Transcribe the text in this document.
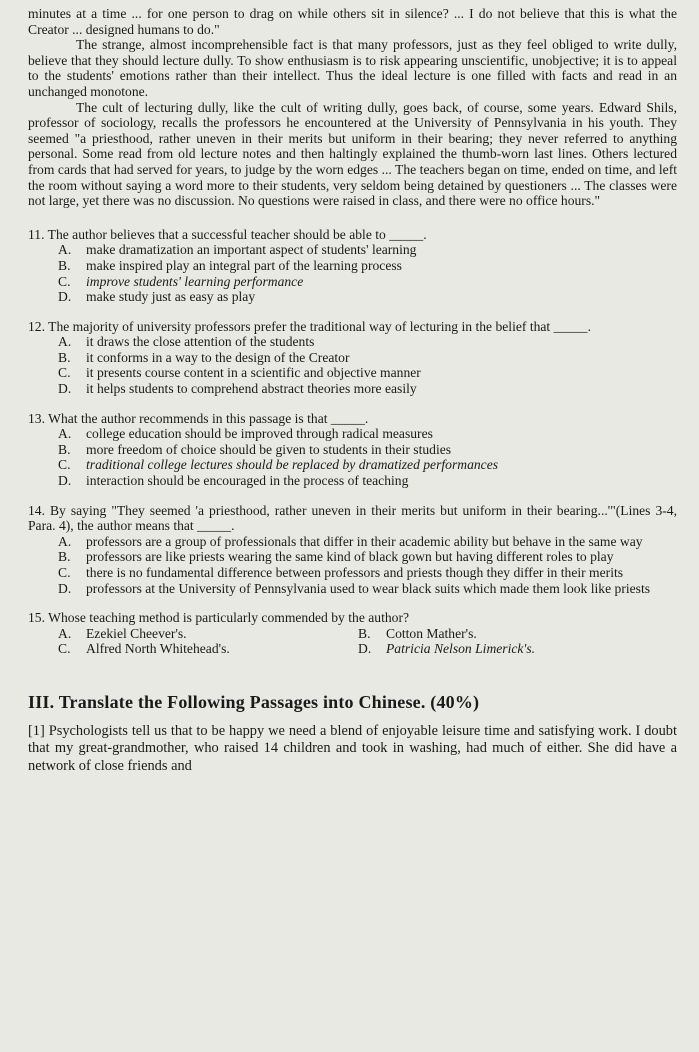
minutes at a time ... for one person to drag on while others sit in silence? ... I do not believe that this is what the Creator ... designed humans to do."

The strange, almost incomprehensible fact is that many professors, just as they feel obliged to write dully, believe that they should lecture dully. To show enthusiasm is to risk appearing unscientific, unobjective; it is to appeal to the students' emotions rather than their intellect. Thus the ideal lecture is one filled with facts and read in an unchanged monotone.

The cult of lecturing dully, like the cult of writing dully, goes back, of course, some years. Edward Shils, professor of sociology, recalls the professors he encountered at the University of Pennsylvania in his youth. They seemed "a priesthood, rather uneven in their merits but uniform in their bearing; they never referred to anything personal. Some read from old lecture notes and then haltingly explained the thumb-worn last lines. Others lectured from cards that had served for years, to judge by the worn edges ... The teachers began on time, ended on time, and left the room without saying a word more to their students, very seldom being detained by questioners ... The classes were not large, yet there was no discussion. No questions were raised in class, and there were no office hours."

11. The author believes that a successful teacher should be able to _____.

A.	make dramatization an important aspect of students' learning
B.	make inspired play an integral part of the learning process
C.	improve students' learning performance
D.	make study just as easy as play

12. The majority of university professors prefer the traditional way of lecturing in the belief that _____.

A.	it draws the close attention of the students
B.	it conforms in a way to the design of the Creator
C.	it presents course content in a scientific and objective manner
D.	it helps students to comprehend abstract theories more easily

13. What the author recommends in this passage is that _____.

A.	college education should be improved through radical measures
B.	more freedom of choice should be given to students in their studies
C.	traditional college lectures should be replaced by dramatized performances
D.	interaction should be encouraged in the process of teaching

14. By saying "They seemed 'a priesthood, rather uneven in their merits but uniform in their bearing...'"(Lines 3-4, Para. 4), the author means that _____.

A.	professors are a group of professionals that differ in their academic ability but behave in the same way
B.	professors are like priests wearing the same kind of black gown but having different roles to play
C.	there is no fundamental difference between professors and priests though they differ in their merits
D.	professors at the University of Pennsylvania used to wear black suits which made them look like priests

15. Whose teaching method is particularly commended by the author?

A.	Ezekiel Cheever's.	B.	Cotton Mather's.
C.	Alfred North Whitehead's.	D.	Patricia Nelson Limerick's.
III. Translate the Following Passages into Chinese. (40%)

[1] Psychologists tell us that to be happy we need a blend of enjoyable leisure time and satisfying work. I doubt that my great-grandmother, who raised 14 children and took in washing, had much of either. She did have a network of close friends and
